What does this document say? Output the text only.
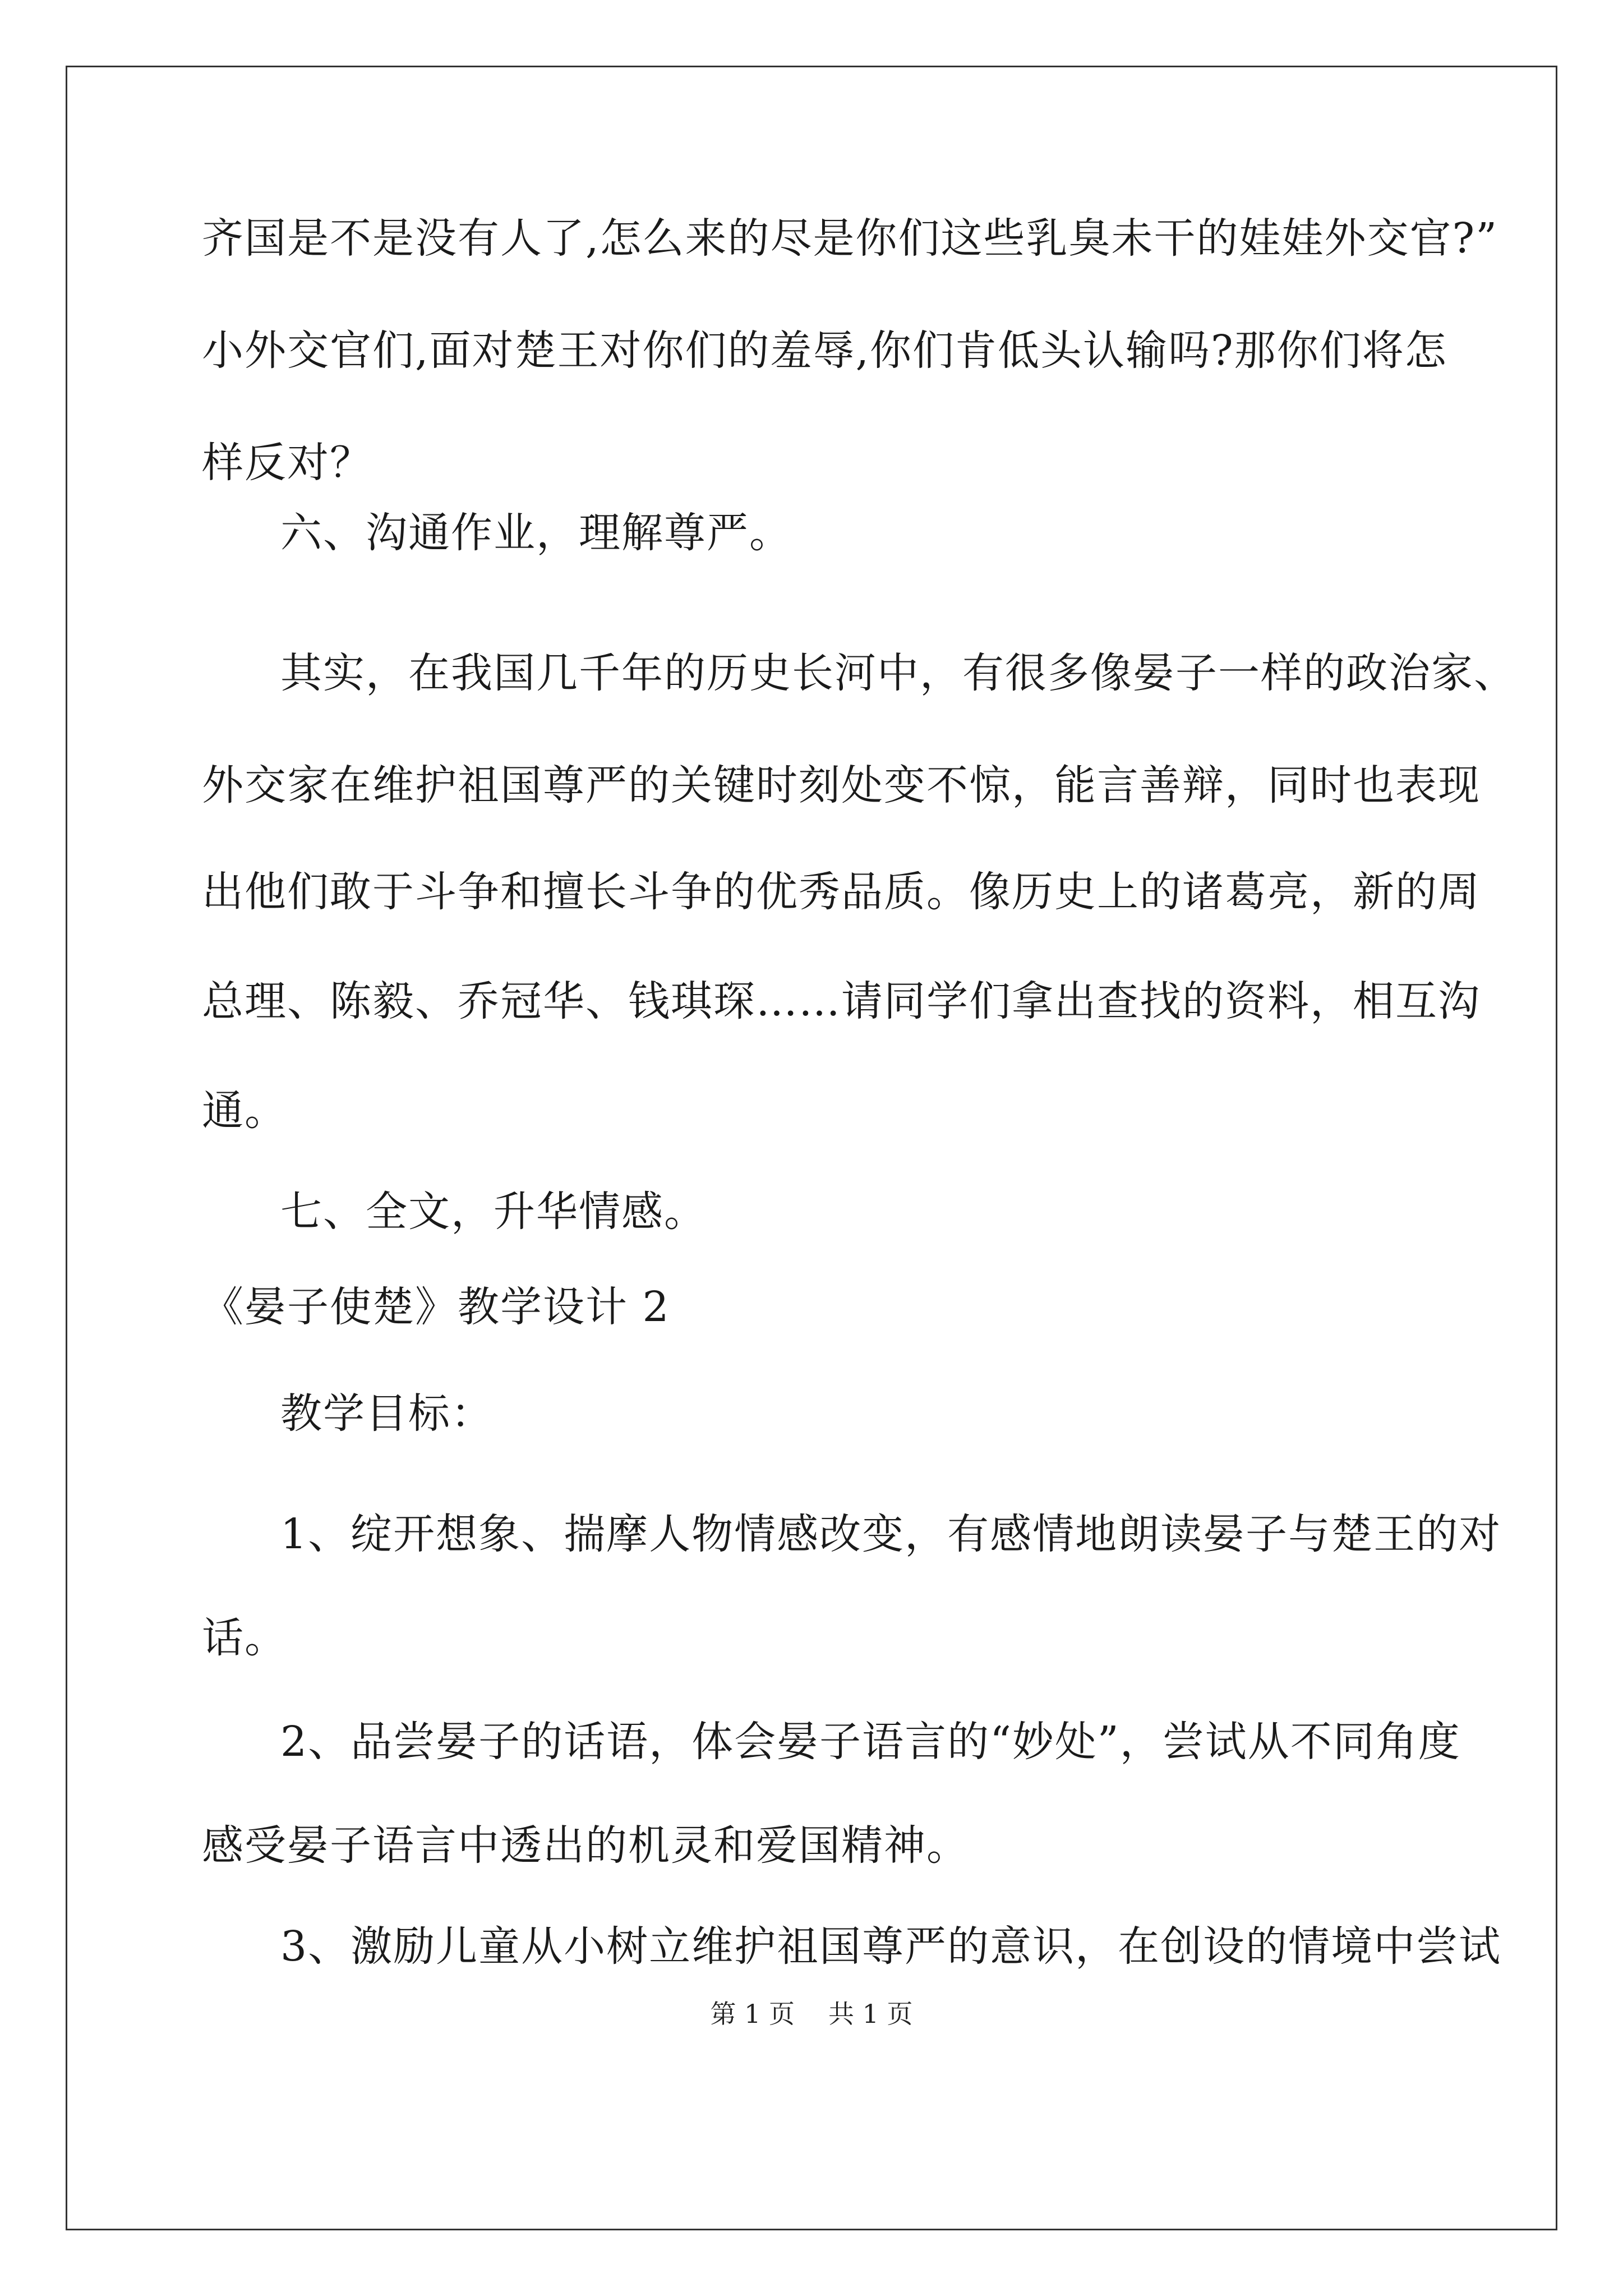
齐国是不是没有人了,怎么来的尽是你们这些乳臭未干的娃娃外交官?”
小外交官们,面对楚王对你们的羞辱,你们肯低头认输吗?那你们将怎
样反对？
六、沟通作业，理解尊严。
其实，在我国几千年的历史长河中，有很多像晏子一样的政治家、
外交家在维护祖国尊严的关键时刻处变不惊，能言善辩，同时也表现
出他们敢于斗争和擅长斗争的优秀品质。像历史上的诸葛亮，新的周
总理、陈毅、乔冠华、钱琪琛……请同学们拿出查找的资料，相互沟
通。
七、全文，升华情感。
《晏子使楚》教学设计 2
教学目标：
1、绽开想象、揣摩人物情感改变，有感情地朗读晏子与楚王的对
话。
2、品尝晏子的话语，体会晏子语言的“妙处”，尝试从不同角度
感受晏子语言中透出的机灵和爱国精神。
3、激励儿童从小树立维护祖国尊严的意识，在创设的情境中尝试
第 1 页 共 1 页
